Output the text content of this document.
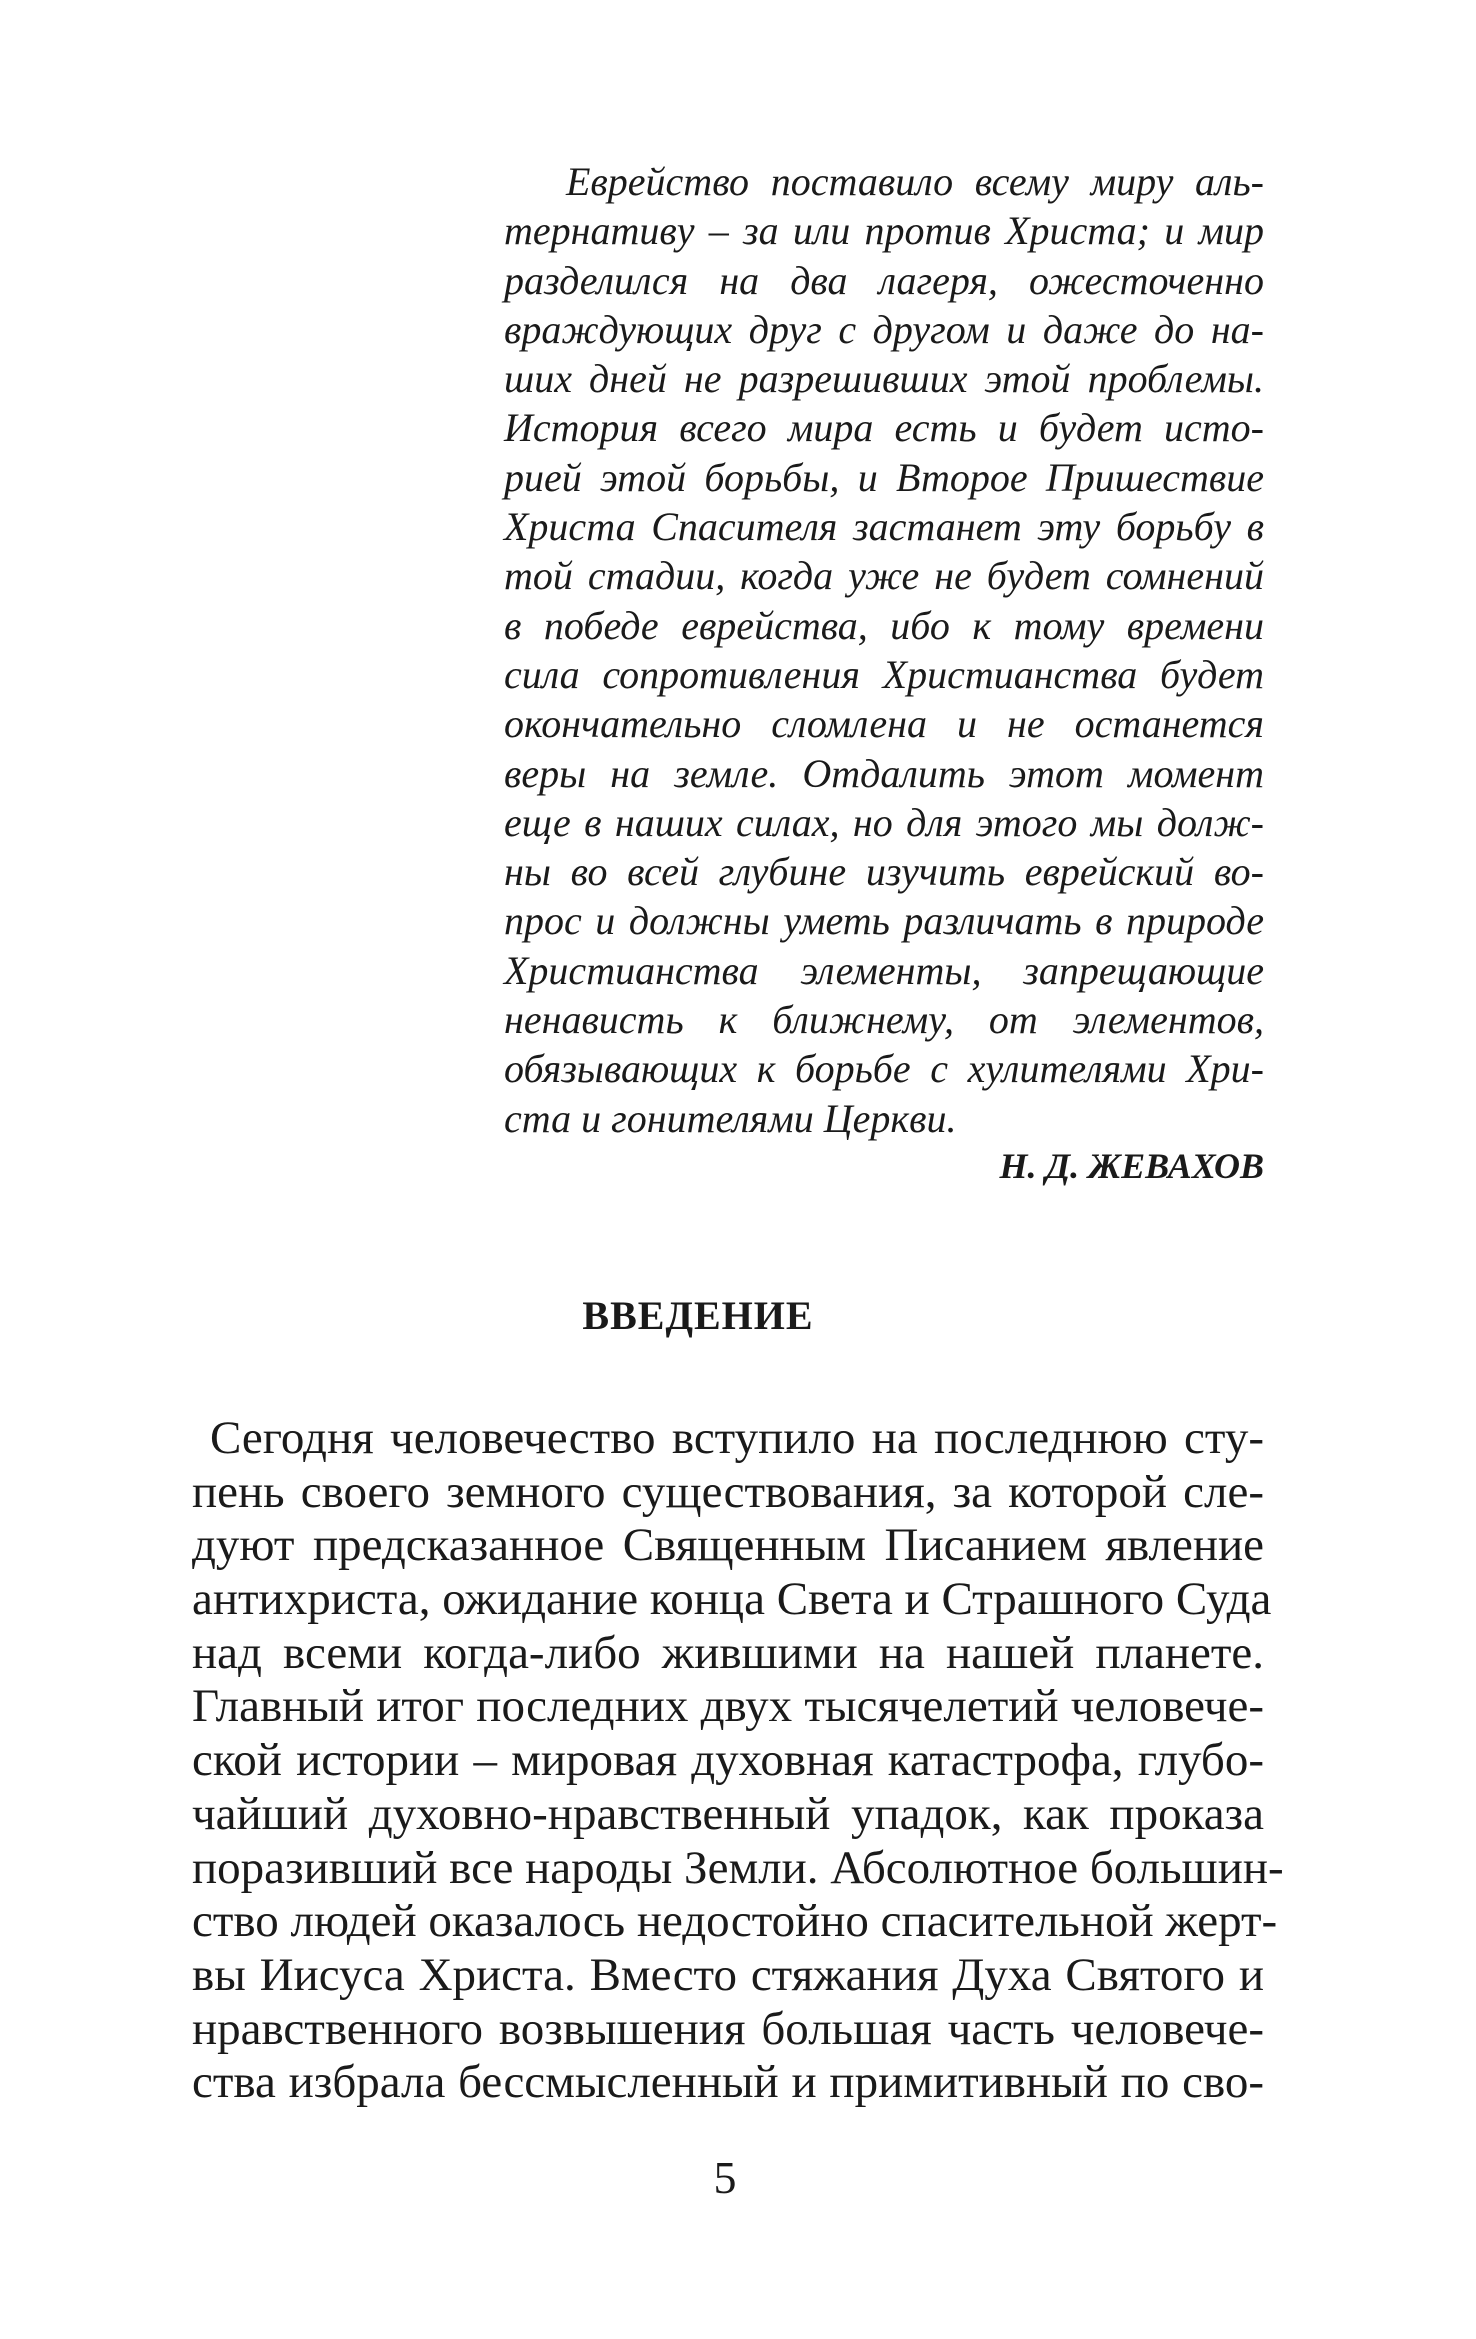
Еврейство поставило всему миру аль-
тернативу – за или против Христа; и мир
разделился на два лагеря, ожесточенно
враждующих друг с другом и даже до на-
ших дней не разрешивших этой проблемы.
История всего мира есть и будет исто-
рией этой борьбы, и Второе Пришествие
Христа Спасителя застанет эту борьбу в
той стадии, когда уже не будет сомнений
в победе еврейства, ибо к тому времени
сила сопротивления Христианства будет
окончательно сломлена и не останется
веры на земле. Отдалить этот момент
еще в наших силах, но для этого мы долж-
ны во всей глубине изучить еврейский во-
прос и должны уметь различать в природе
Христианства элементы, запрещающие
ненависть к ближнему, от элементов,
обязывающих к борьбе с хулителями Хри-
ста и гонителями Церкви.
Н. Д. ЖЕВАХОВ
ВВЕДЕНИЕ
Сегодня человечество вступило на последнюю сту-
пень своего земного существования, за которой сле-
дуют предсказанное Священным Писанием явление
антихриста, ожидание конца Света и Страшного Суда
над всеми когда-либо жившими на нашей планете.
Главный итог последних двух тысячелетий человече-
ской истории – мировая духовная катастрофа, глубо-
чайший духовно-нравственный упадок, как проказа
поразивший все народы Земли. Абсолютное большин-
ство людей оказалось недостойно спасительной жерт-
вы Иисуса Христа. Вместо стяжания Духа Святого и
нравственного возвышения большая часть человече-
ства избрала бессмысленный и примитивный по сво-
5
